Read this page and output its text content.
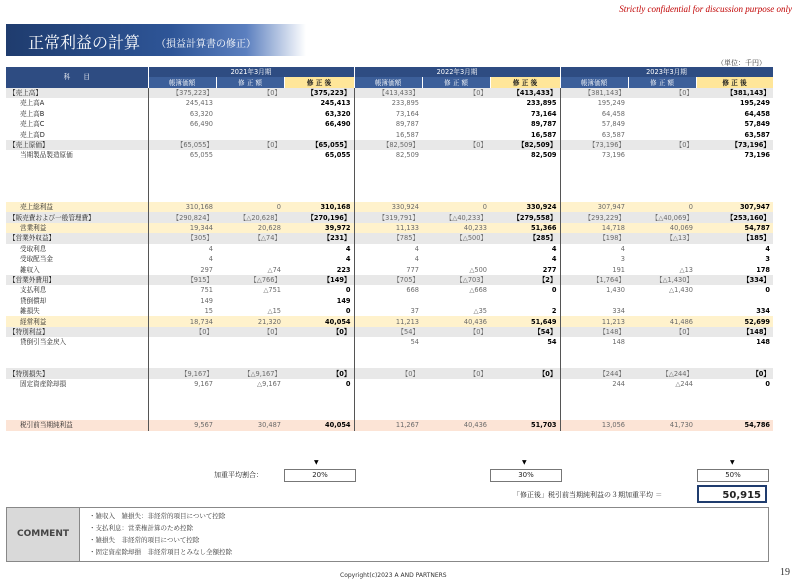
Strictly confidential for discussion purpose only
正常利益の計算 （損益計算書の修正）
（単位：千円）
科　　目	2021年3月期			2022年3月期			2023年3月期		
	帳簿価額	修 正 額	修 正 後	帳簿価額	修 正 額	修 正 後	帳簿価額	修 正 額	修 正 後
【売上高】	【375,223】	【0】	【375,223】	【413,433】	【0】	【413,433】	【381,143】	【0】	【381,143】
売上高A	245,413		245,413	233,895		233,895	195,249		195,249
売上高B	63,320		63,320	73,164		73,164	64,458		64,458
売上高C	66,490		66,490	89,787		89,787	57,849		57,849
売上高D				16,587		16,587	63,587		63,587
【売上原価】	【65,055】	【0】	【65,055】	【82,509】	【0】	【82,509】	【73,196】	【0】	【73,196】
当期製品製造原価	65,055		65,055	82,509		82,509	73,196		73,196

売上総利益	310,168	0	310,168	330,924	0	330,924	307,947	0	307,947
【販売費および一般管理費】	【290,824】	【△20,628】	【270,196】	【319,791】	【△40,233】	【279,558】	【293,229】	【△40,069】	【253,160】
営業利益	19,344	20,628	39,972	11,133	40,233	51,366	14,718	40,069	54,787
【営業外収益】	【305】	【△74】	【231】	【785】	【△500】	【285】	【198】	【△13】	【185】
受取利息	4		4	4		4	4		4
受取配当金	4		4	4		4	3		3
雑収入	297	△74	223	777	△500	277	191	△13	178
【営業外費用】	【915】	【△766】	【149】	【705】	【△703】	【2】	【1,764】	【△1,430】	【334】
支払利息	751	△751	0	668	△668	0	1,430	△1,430	0
貸倒償却	149		149						
雑損失	15	△15	0	37	△35	2	334		334
経常利益	18,734	21,320	40,054	11,213	40,436	51,649	11,213	41,486	52,699
【特別利益】	【0】	【0】	【0】	【54】	【0】	【54】	【148】	【0】	【148】
貸倒引当金戻入				54		54	148		148

【特別損失】	【9,167】	【△9,167】	【0】	【0】	【0】	【0】	【244】	【△244】	【0】
固定資産除却損	9,167	△9,167	0				244	△244	0

税引前当期純利益	9,567	30,487	40,054	11,267	40,436	51,703	13,056	41,730	54,786
加重平均割合：
▼	▼	▼
20%	30%	50%
「修正後」税引前当期純利益の３期加重平均 ＝	50,915
COMMENT
・雑収入　雑損失：非経常的項目について控除
・支払利息：営業権計算のため控除
・雑損失　非経常的項目について控除
・固定資産除却損　非経常項目とみなし全額控除
Copyright(c)2023 A AND PARTNERS	19
